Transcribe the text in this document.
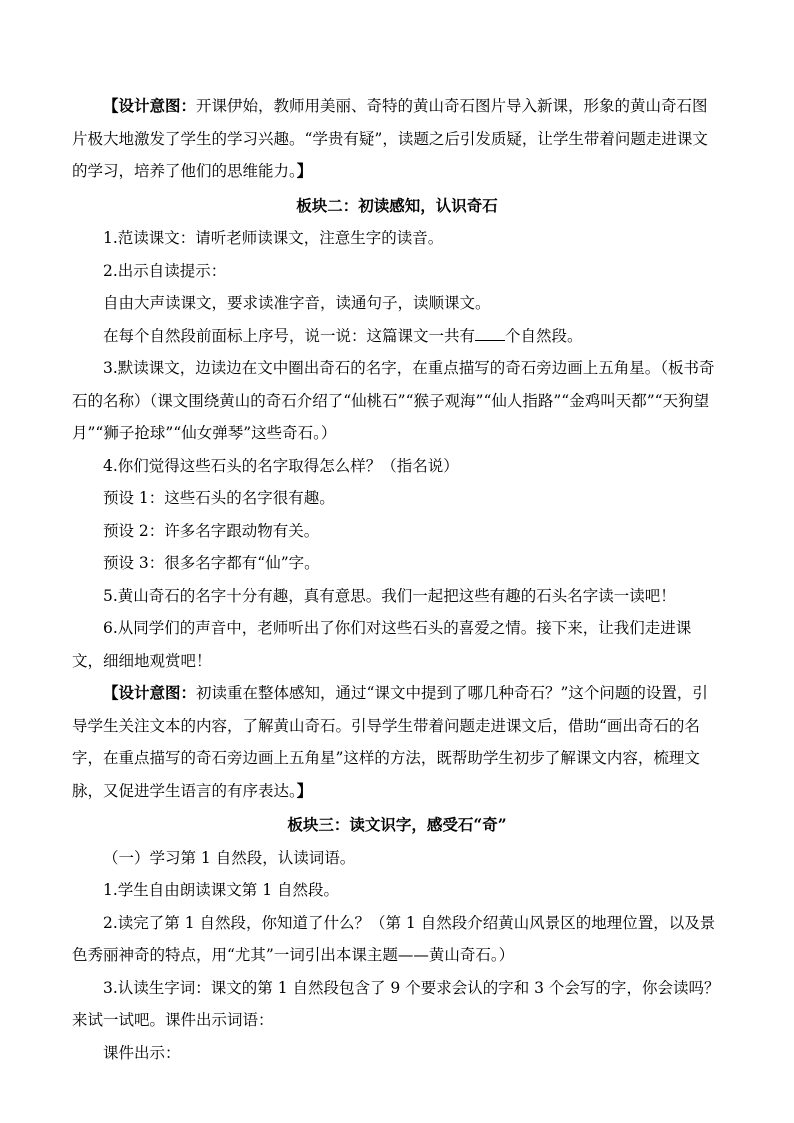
【设计意图：开课伊始，教师用美丽、奇特的黄山奇石图片导入新课，形象的黄山奇石图片极大地激发了学生的学习兴趣。“学贵有疑”，读题之后引发质疑，让学生带着问题走进课文的学习，培养了他们的思维能力。】

板块二：初读感知，认识奇石

1.范读课文：请听老师读课文，注意生字的读音。

2.出示自读提示：

自由大声读课文，要求读准字音，读通句子，读顺课文。

在每个自然段前面标上序号，说一说：这篇课文一共有 个自然段。

3.默读课文，边读边在文中圈出奇石的名字，在重点描写的奇石旁边画上五角星。（板书奇石的名称）（课文围绕黄山的奇石介绍了“仙桃石”“猴子观海”“仙人指路”“金鸡叫天都”“天狗望月”“狮子抢球”“仙女弹琴”这些奇石。）

4.你们觉得这些石头的名字取得怎么样？（指名说）

预设 1：这些石头的名字很有趣。

预设 2：许多名字跟动物有关。

预设 3：很多名字都有“仙”字。

5.黄山奇石的名字十分有趣，真有意思。我们一起把这些有趣的石头名字读一读吧！

6.从同学们的声音中，老师听出了你们对这些石头的喜爱之情。接下来，让我们走进课文，细细地观赏吧！

【设计意图：初读重在整体感知，通过“课文中提到了哪几种奇石？”这个问题的设置，引导学生关注文本的内容，了解黄山奇石。引导学生带着问题走进课文后，借助“画出奇石的名字，在重点描写的奇石旁边画上五角星”这样的方法，既帮助学生初步了解课文内容，梳理文脉，又促进学生语言的有序表达。】

板块三：读文识字，感受石“奇”

（一）学习第 1 自然段，认读词语。

1.学生自由朗读课文第 1 自然段。

2.读完了第 1 自然段，你知道了什么？（第 1 自然段介绍黄山风景区的地理位置，以及景色秀丽神奇的特点，用“尤其”一词引出本课主题——黄山奇石。）

3.认读生字词：课文的第 1 自然段包含了 9 个要求会认的字和 3 个会写的字，你会读吗？来试一试吧。课件出示词语：

课件出示：
